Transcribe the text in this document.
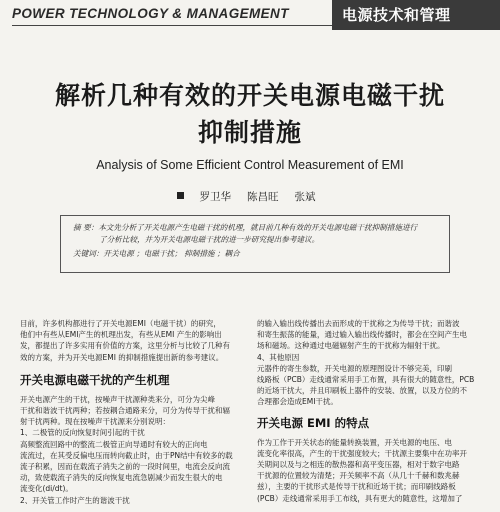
POWER TECHNOLOGY & MANAGEMENT	电源技术和管理
解析几种有效的开关电源电磁干扰
抑制措施
Analysis of Some Efficient Control Measurement of EMI
罗卫华 陈昌旺 张斌
摘 要：本文先分析了开关电源产生电磁干扰的机理，就目前几种有效的开关电源电磁干扰抑制措施进行
了分析比较，并为开关电源电磁干扰的进一步研究提出参考建议。
关键词：开关电源 ；电磁干扰； 抑制措施 ；耦合
目前，许多机构都进行了开关电源EMI（电磁干扰）的研究，
他们中有些从EMI产生的机理出发，有些从EMI 产生的影响出
发，都提出了许多实用有价值的方案，这里分析与比较了几种有
效的方案，并为开关电源EMI 的抑制措施提出新的参考建议。
开关电源电磁干扰的产生机理
开关电源产生的干扰，按噪声干扰源种类来分，可分为尖峰
干扰和谐波干扰两种；若按耦合通路来分，可分为传导干扰和辐
射干扰两种。现在按噪声干扰源来分别说明：
1、二极管的反向恢复时间引起的干扰
高频整流回路中的整流二极管正向导通时有较大的正向电
流流过，在其受反偏电压而转向截止时，由于PN结中有较多的载
流子积累，因而在载流子消失之前的一段时间里，电流会反向流
动，致使载流子消失的反向恢复电流急剧减少而发生很大的电
流变化(di/dt)。
2、开关管工作时产生的谐波干扰
的输入输出线传播出去而形成的干扰称之为传导干扰；而谐波
和寄生振荡的能量，通过输入输出线传播时，都会在空间产生电
场和磁场。这种通过电磁辐射产生的干扰称为辐射干扰。
4、其他原因
元器件的寄生参数，开关电源的原理图设计不够完美，印刷
线路板（PCB）走线通常采用手工布置，具有很大的随意性，PCB
的近场干扰大，并且印刷板上器件的安装、放置，以及方位的不
合理都会造成EMI干扰。
开关电源 EMI 的特点
作为工作于开关状态的能量转换装置，开关电源的电压、电
流变化率很高，产生的干扰强度较大；干扰源主要集中在功率开
关期间以及与之相连的散热器和高平变压器，相对于数字电路
干扰源的位置较为清楚；开关频率不高（从几十千赫和数兆赫
兹），主要的干扰形式是传导干扰和近场干扰；而印刷线路板
(PCB）走线通常采用手工布线，具有更大的随意性，这增加了
